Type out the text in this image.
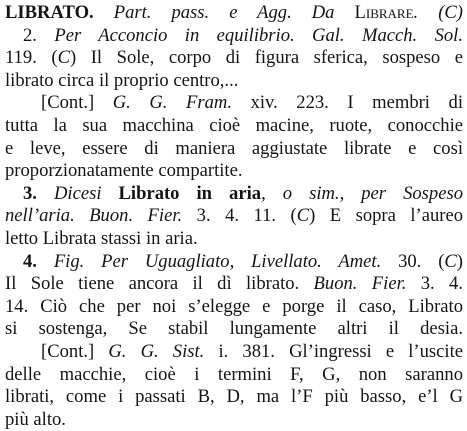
LIBRATO. Part. pass. e Agg. Da Librare. (C)
2. Per Acconcio in equilibrio. Gal. Macch. Sol.
119. (C) Il Sole, corpo di figura sferica, sospeso e
librato circa il proprio centro,...
[Cont.] G. G. Fram. xiv. 223. I membri di
tutta la sua macchina cioè macine, ruote, conocchie
e leve, essere di maniera aggiustate librate e così
proporzionatamente compartite.
3. Dicesi Librato in aria, o sim., per Sospeso
nell’aria. Buon. Fier. 3. 4. 11. (C) E sopra l’aureo
letto Librata stassi in aria.
4. Fig. Per Uguagliato, Livellato. Amet. 30. (C)
Il Sole tiene ancora il dì librato. Buon. Fier. 3. 4.
14. Ciò che per noi s’elegge e porge il caso, Librato
si sostenga, Se stabil lungamente altri il desia.
[Cont.] G. G. Sist. i. 381. Gl’ingressi e l’uscite
delle macchie, cioè i termini F, G, non saranno
librati, come i passati B, D, ma l’F più basso, e’l G
più alto.
